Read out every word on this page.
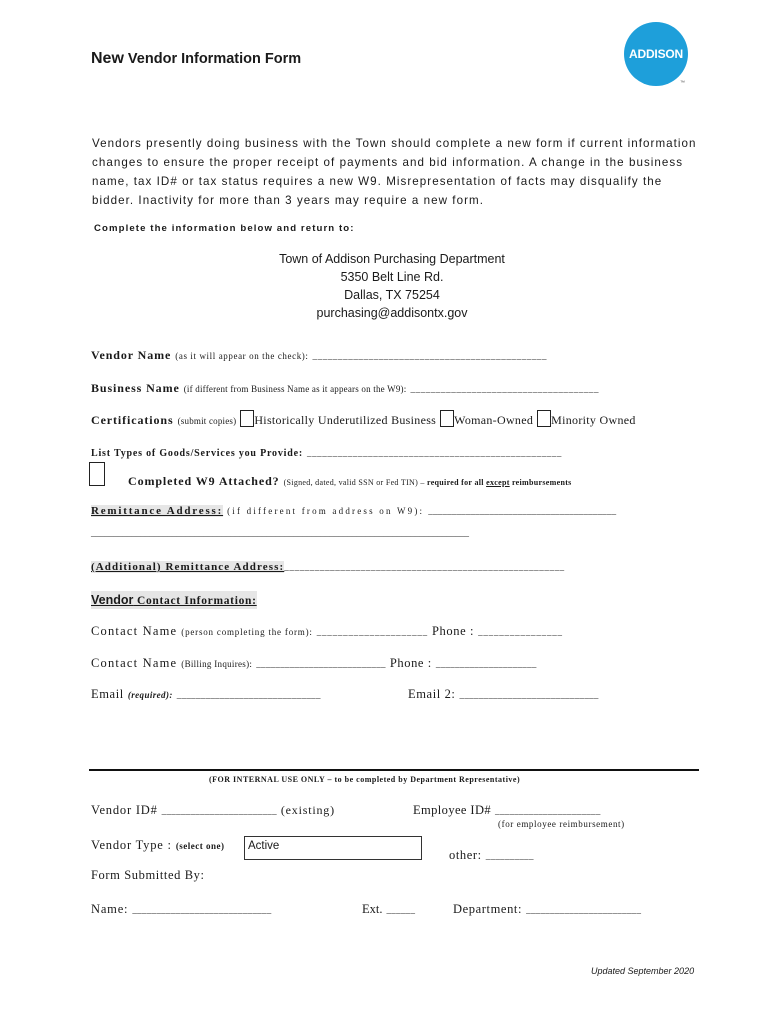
New Vendor Information Form	ADDISON
™
Vendors presently doing business with the Town should complete a new form if current information changes to ensure the proper receipt of payments and bid information. A change in the business name, tax ID# or tax status requires a new W9. Misrepresentation of facts may disqualify the bidder. Inactivity for more than 3 years may require a new form.
Complete the information below and return to:
Town of Addison Purchasing Department
5350 Belt Line Rd.
Dallas, TX 75254
purchasing@addisontx.gov
Vendor Name (as it will appear on the check): ______________________________________________
Business Name (if different from Business Name as it appears on the W9): _____________________________________
Certifications (submit copies) Historically Underutilized Business Woman-Owned Minority Owned
List Types of Goods/Services you Provide: __________________________________________________
Completed W9 Attached? (Signed, dated, valid SSN or Fed TIN) – required for all except reimbursements
Remittance Address: (if different from address on W9): ________________________________________
____________________________________________________________________________________
(Additional) Remittance Address:_______________________________________________________
Vendor Contact Information:
Contact Name (person completing the form): _____________________ Phone : ________________
Contact Name (Billing Inquires): ___________________________ Phone : _____________________
Email (required): ______________________________	Email 2: _____________________________
(FOR INTERNAL USE ONLY – to be completed by Department Representative)
Vendor ID# ________________________ (existing)	Employee ID# ______________________
(for employee reimbursement)
Vendor Type : (select one) Active
other: __________
Form Submitted By:
Name: _____________________________	Ext. ______	Department: ________________________
Updated September 2020
